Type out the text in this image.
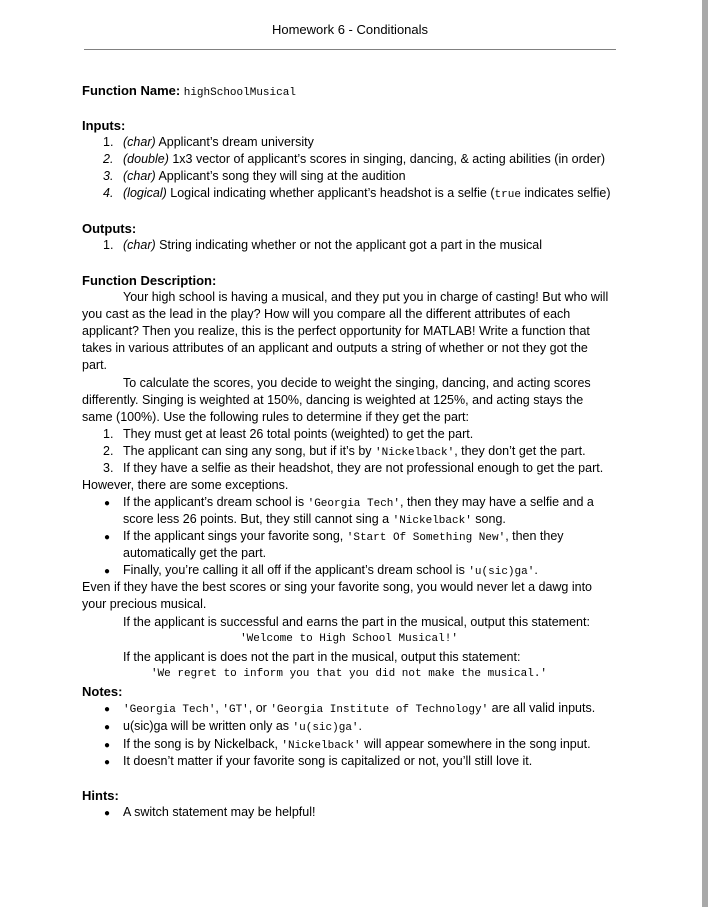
Homework 6 - Conditionals
Function Name: highSchoolMusical
Inputs:
1. (char) Applicant’s dream university
2. (double) 1x3 vector of applicant’s scores in singing, dancing, & acting abilities (in order)
3. (char) Applicant’s song they will sing at the audition
4. (logical) Logical indicating whether applicant’s headshot is a selfie (true indicates selfie)
Outputs:
1. (char) String indicating whether or not the applicant got a part in the musical
Function Description:
Your high school is having a musical, and they put you in charge of casting! But who will
you cast as the lead in the play? How will you compare all the different attributes of each
applicant? Then you realize, this is the perfect opportunity for MATLAB! Write a function that
takes in various attributes of an applicant and outputs a string of whether or not they got the
part.
To calculate the scores, you decide to weight the singing, dancing, and acting scores
differently. Singing is weighted at 150%, dancing is weighted at 125%, and acting stays the
same (100%). Use the following rules to determine if they get the part:
1. They must get at least 26 total points (weighted) to get the part.
2. The applicant can sing any song, but if it’s by 'Nickelback', they don’t get the part.
3. If they have a selfie as their headshot, they are not professional enough to get the part.
However, there are some exceptions.
● If the applicant’s dream school is 'Georgia Tech', then they may have a selfie and a
score less 26 points. But, they still cannot sing a 'Nickelback' song.
● If the applicant sings your favorite song, 'Start Of Something New', then they
automatically get the part.
● Finally, you’re calling it all off if the applicant’s dream school is 'u(sic)ga'.
Even if they have the best scores or sing your favorite song, you would never let a dawg into
your precious musical.
If the applicant is successful and earns the part in the musical, output this statement:
'Welcome to High School Musical!'
If the applicant is does not the part in the musical, output this statement:
'We regret to inform you that you did not make the musical.'
Notes:
● 'Georgia Tech', 'GT', or 'Georgia Institute of Technology' are all valid inputs.
● u(sic)ga will be written only as 'u(sic)ga'.
● If the song is by Nickelback, 'Nickelback' will appear somewhere in the song input.
● It doesn’t matter if your favorite song is capitalized or not, you’ll still love it.
Hints:
● A switch statement may be helpful!
